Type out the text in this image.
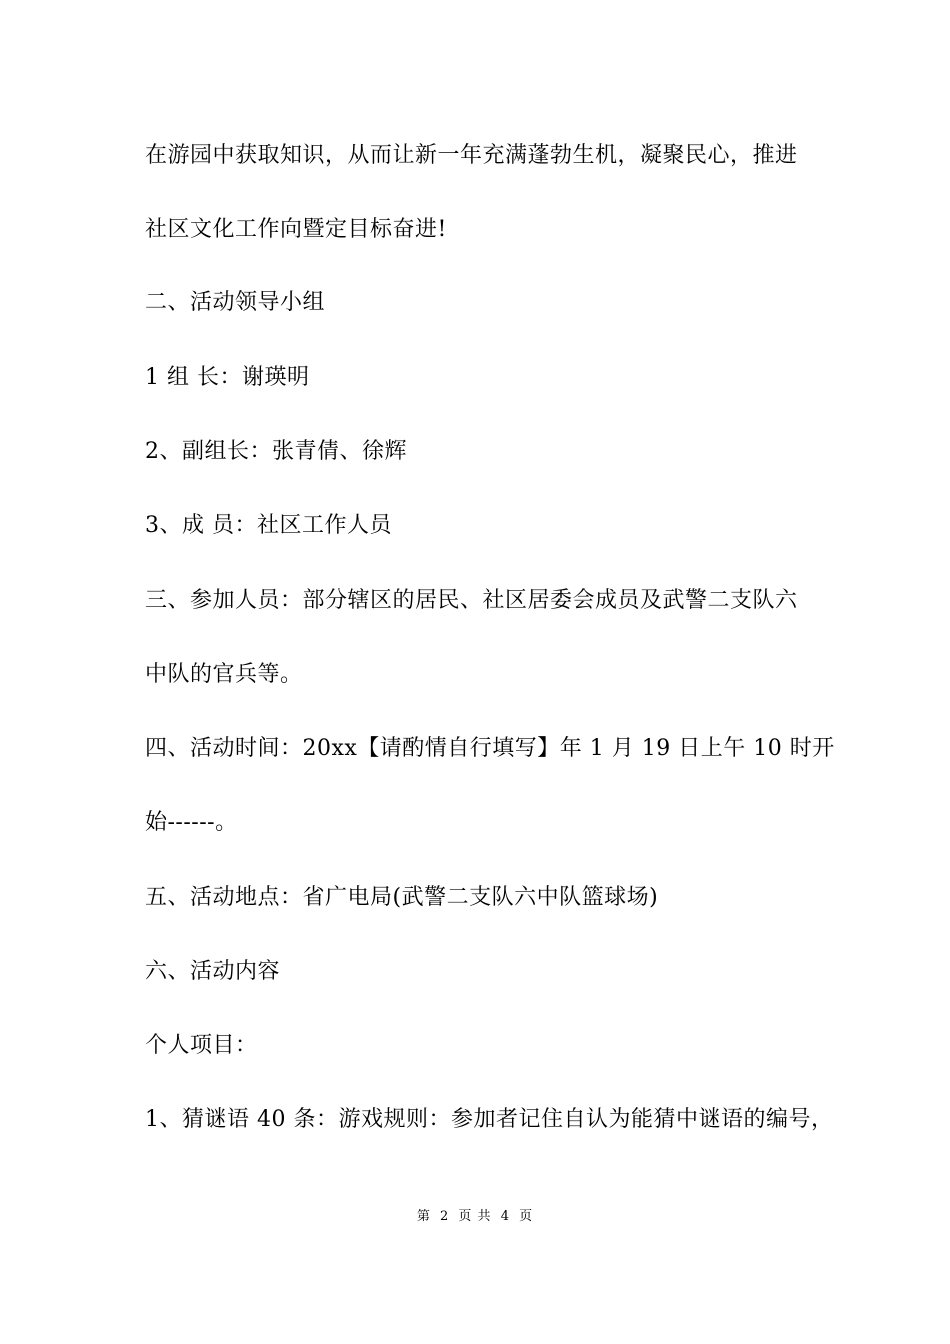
在游园中获取知识，从而让新一年充满蓬勃生机，凝聚民心，推进
社区文化工作向暨定目标奋进!
二、活动领导小组
1 组 长：谢瑛明
2、副组长：张青倩、徐辉
3、成 员：社区工作人员
三、参加人员：部分辖区的居民、社区居委会成员及武警二支队六
中队的官兵等。
四、活动时间：20xx【请酌情自行填写】年 1 月 19 日上午 10 时开
始------。
五、活动地点：省广电局(武警二支队六中队篮球场)
六、活动内容
个人项目：
1、猜谜语 40 条：游戏规则：参加者记住自认为能猜中谜语的编号，
第 2 页 共 4 页
